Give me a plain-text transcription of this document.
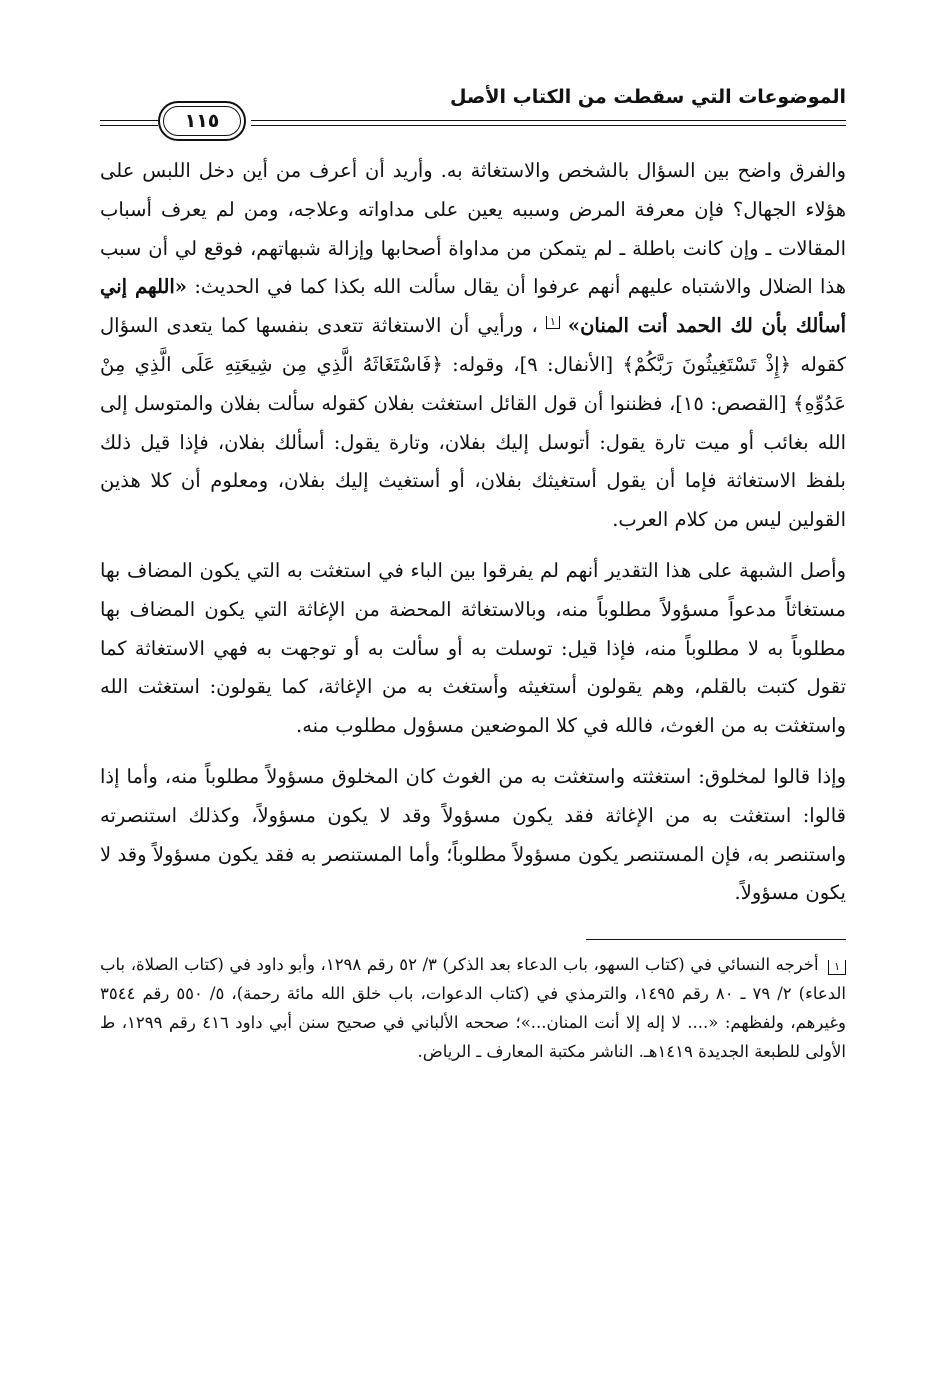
الموضوعات التي سقطت من الكتاب الأصل
١١٥

والفرق واضح بين السؤال بالشخص والاستغاثة به. وأريد أن أعرف من أين دخل اللبس على هؤلاء الجهال؟ فإن معرفة المرض وسببه يعين على مداواته وعلاجه، ومن لم يعرف أسباب المقالات ـ وإن كانت باطلة ـ لم يتمكن من مداواة أصحابها وإزالة شبهاتهم، فوقع لي أن سبب هذا الضلال والاشتباه عليهم أنهم عرفوا أن يقال سألت الله بكذا كما في الحديث: «اللهم إني أسألك بأن لك الحمد أنت المنان» ١ ، ورأيي أن الاستغاثة تتعدى بنفسها كما يتعدى السؤال كقوله ﴿إِذْ تَسْتَغِيثُونَ رَبَّكُمْ﴾ [الأنفال: ٩]، وقوله: ﴿فَاسْتَغَاثَهُ الَّذِي مِن شِيعَتِهِ عَلَى الَّذِي مِنْ عَدُوِّهِ﴾ [القصص: ١٥]، فظننوا أن قول القائل استغثت بفلان كقوله سألت بفلان والمتوسل إلى الله بغائب أو ميت تارة يقول: أتوسل إليك بفلان، وتارة يقول: أسألك بفلان، فإذا قيل ذلك بلفظ الاستغاثة فإما أن يقول أستغيثك بفلان، أو أستغيث إليك بفلان، ومعلوم أن كلا هذين القولين ليس من كلام العرب.

وأصل الشبهة على هذا التقدير أنهم لم يفرقوا بين الباء في استغثت به التي يكون المضاف بها مستغاثاً مدعواً مسؤولاً مطلوباً منه، وبالاستغاثة المحضة من الإغاثة التي يكون المضاف بها مطلوباً به لا مطلوباً منه، فإذا قيل: توسلت به أو سألت به أو توجهت به فهي الاستغاثة كما تقول كتبت بالقلم، وهم يقولون أستغيثه وأستغث به من الإغاثة، كما يقولون: استغثت الله واستغثت به من الغوث، فالله في كلا الموضعين مسؤول مطلوب منه.

وإذا قالوا لمخلوق: استغثته واستغثت به من الغوث كان المخلوق مسؤولاً مطلوباً منه، وأما إذا قالوا: استغثت به من الإغاثة فقد يكون مسؤولاً وقد لا يكون مسؤولاً، وكذلك استنصرته واستنصر به، فإن المستنصر يكون مسؤولاً مطلوباً؛ وأما المستنصر به فقد يكون مسؤولاً وقد لا يكون مسؤولاً.

١ أخرجه النسائي في (كتاب السهو، باب الدعاء بعد الذكر) ٣/ ٥٢ رقم ١٢٩٨، وأبو داود في (كتاب الصلاة، باب الدعاء) ٢/ ٧٩ ـ ٨٠ رقم ١٤٩٥، والترمذي في (كتاب الدعوات، باب خلق الله مائة رحمة)، ٥/ ٥٥٠ رقم ٣٥٤٤ وغيرهم، ولفظهم: «.... لا إله إلا أنت المنان...»؛ صححه الألباني في صحيح سنن أبي داود ٤١٦ رقم ١٢٩٩، ط الأولى للطبعة الجديدة ١٤١٩هـ. الناشر مكتبة المعارف ـ الرياض.
